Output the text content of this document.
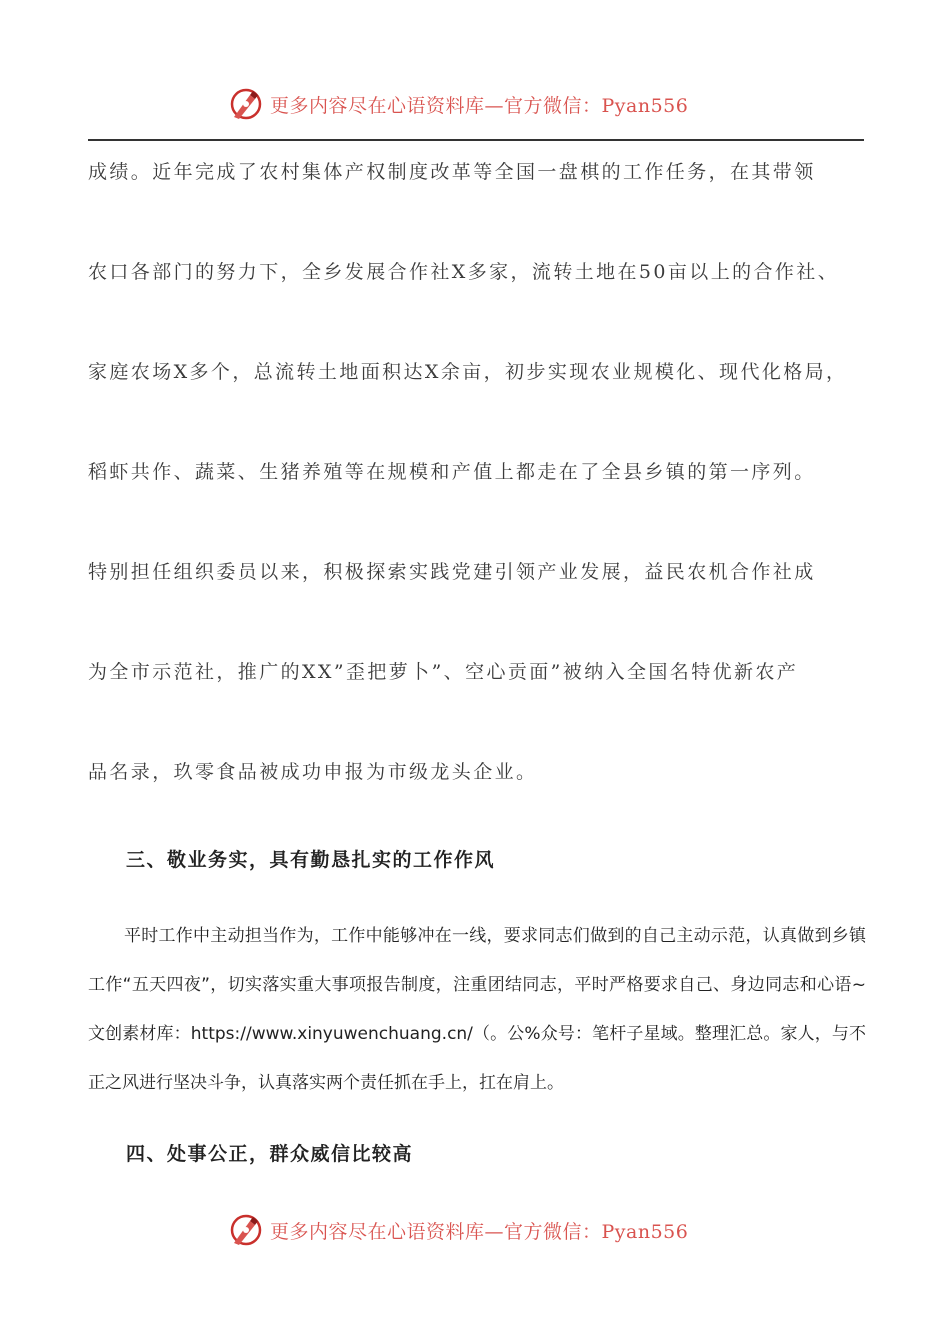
更多内容尽在心语资料库—官方微信：Pyan556
成绩。近年完成了农村集体产权制度改革等全国一盘棋的工作任务，在其带领
农口各部门的努力下，全乡发展合作社X多家，流转土地在50亩以上的合作社、
家庭农场X多个，总流转土地面积达X余亩，初步实现农业规模化、现代化格局，
稻虾共作、蔬菜、生猪养殖等在规模和产值上都走在了全县乡镇的第一序列。
特别担任组织委员以来，积极探索实践党建引领产业发展，益民农机合作社成
为全市示范社，推广的XX”歪把萝卜”、空心贡面”被纳入全国名特优新农产
品名录，玖零食品被成功申报为市级龙头企业。
三、敬业务实，具有勤恳扎实的工作作风

平时工作中主动担当作为，工作中能够冲在一线，要求同志们做到的自己主动示范，认真做到乡镇工作“五天四夜”，切实落实重大事项报告制度，注重团结同志，平时严格要求自己、身边同志和心语~文创素材库：https://www.xinyuwenchuang.cn/（。公%众号：笔杆子星域。整理汇总。家人，与不正之风进行坚决斗争，认真落实两个责任抓在手上，扛在肩上。

四、处事公正，群众威信比较高
更多内容尽在心语资料库—官方微信：Pyan556
